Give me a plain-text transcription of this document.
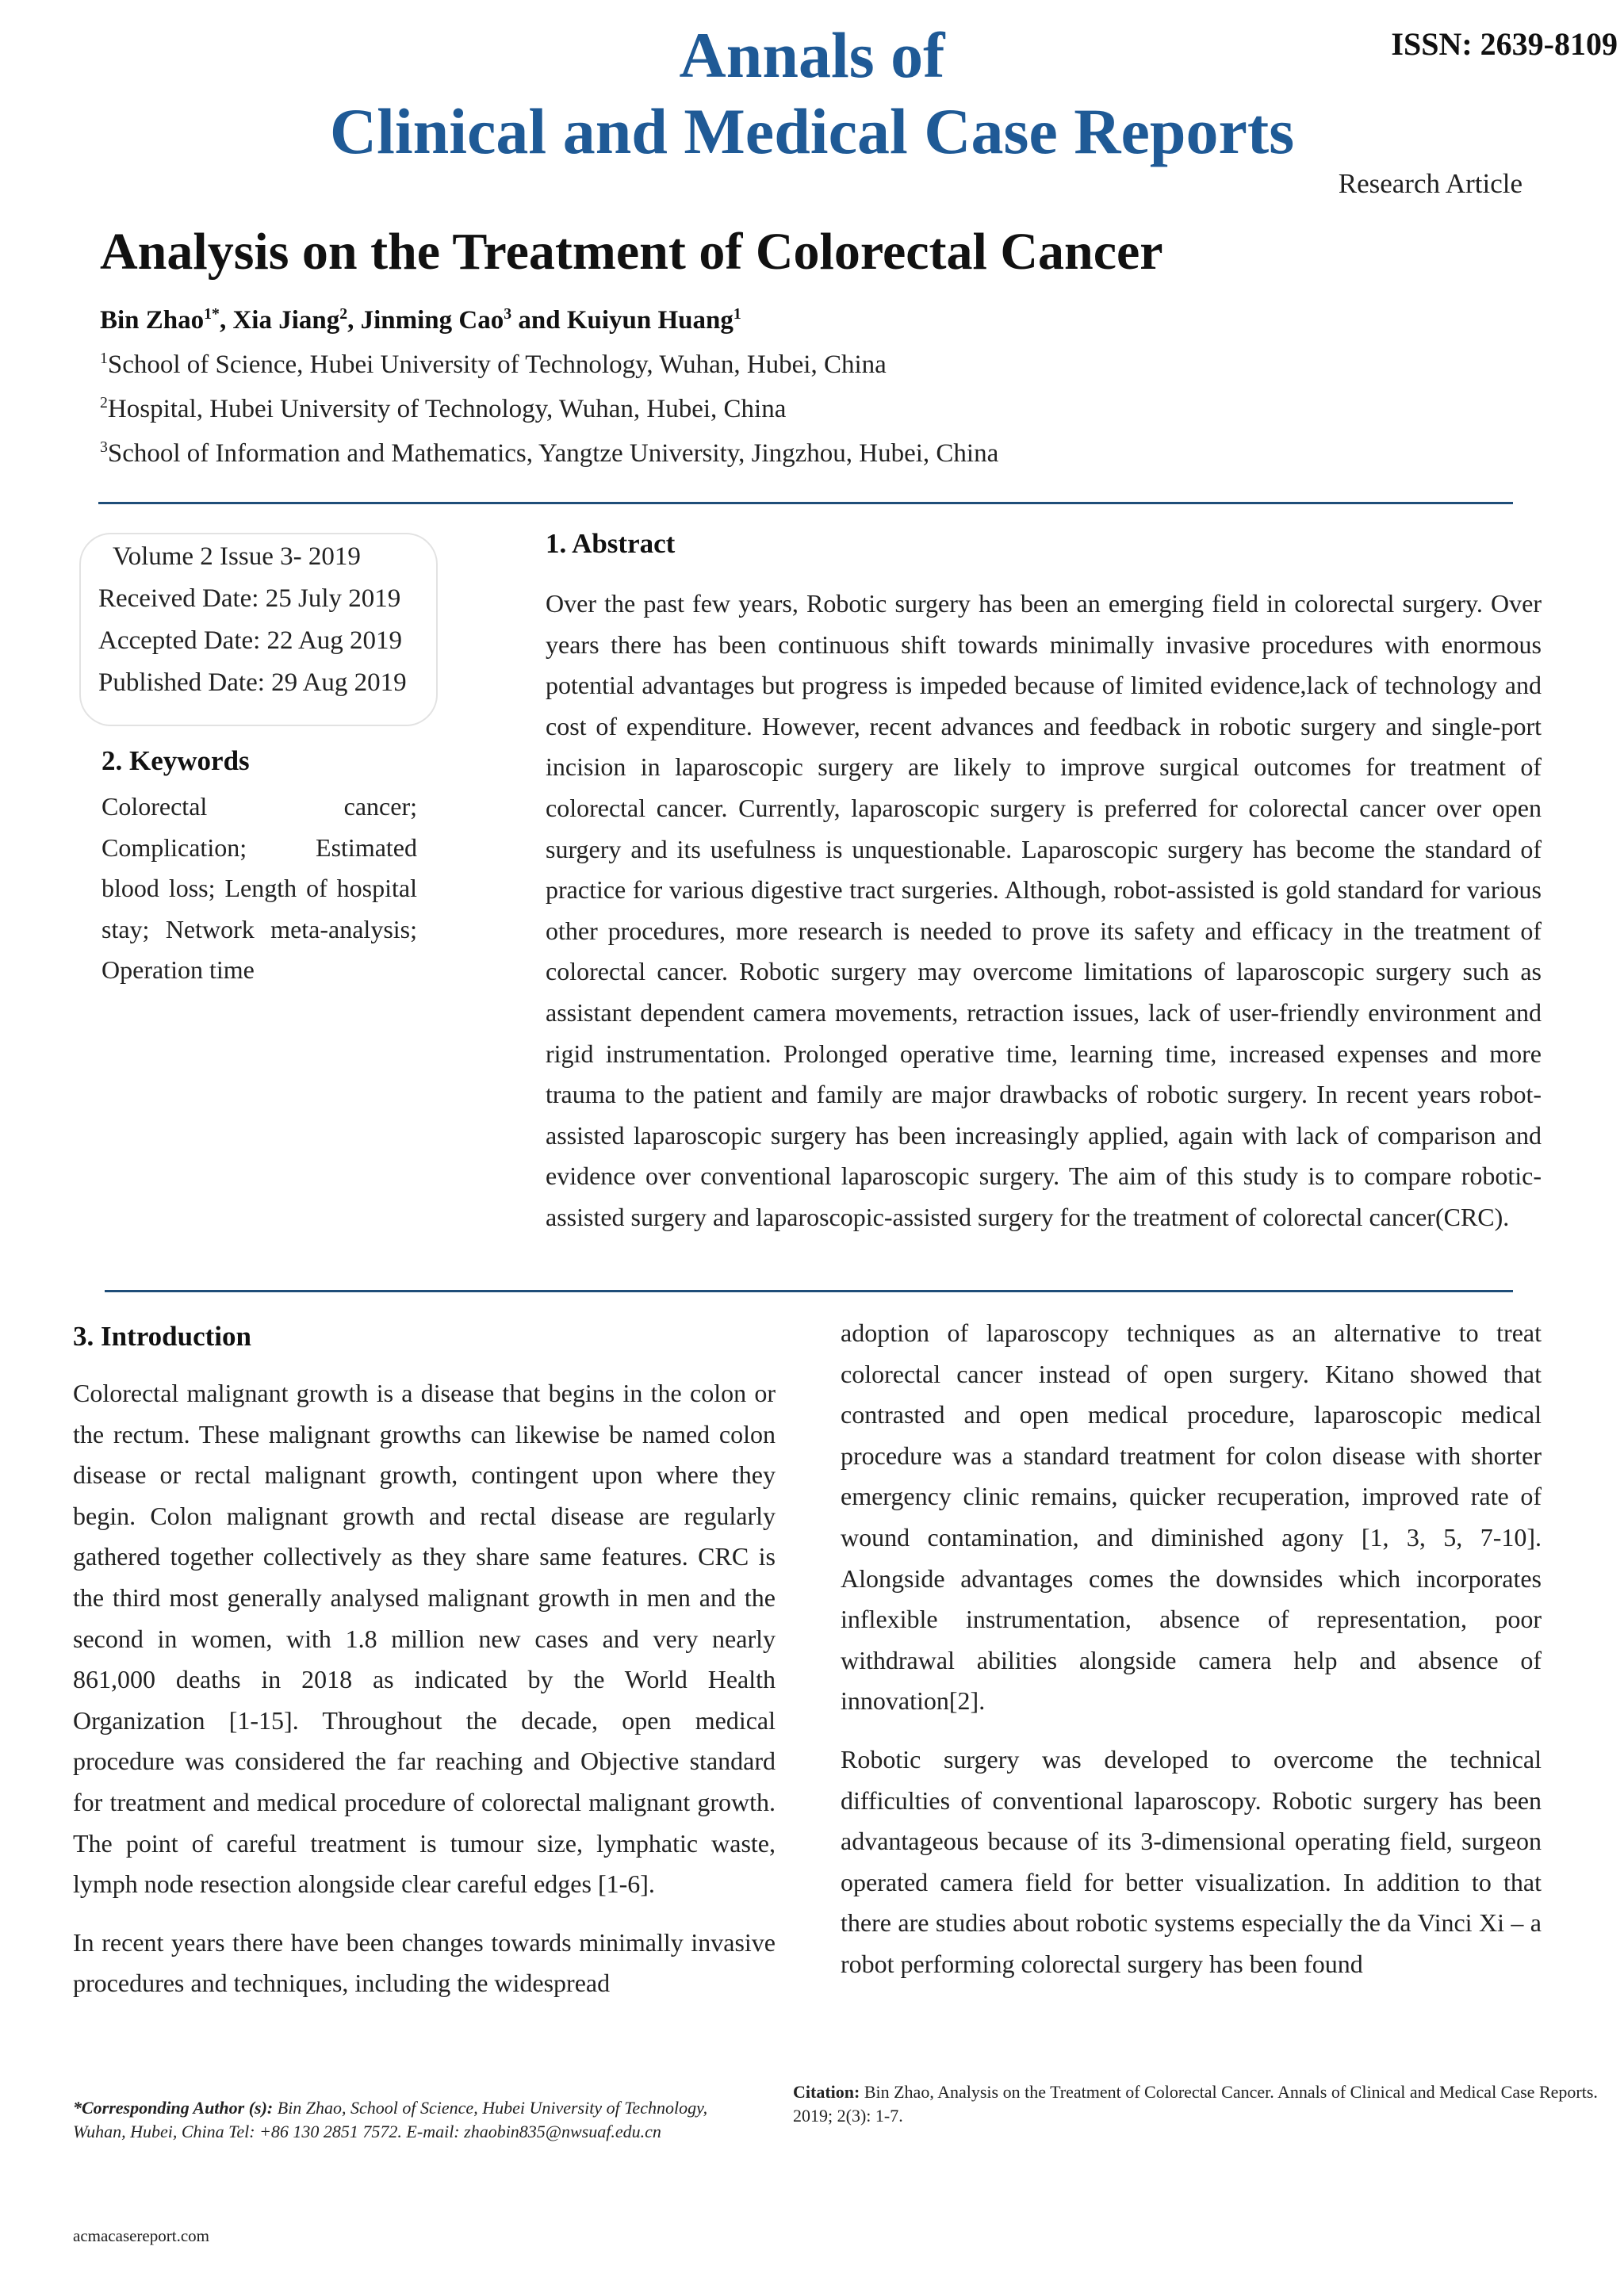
Annals of
Clinical and Medical Case Reports
ISSN: 2639-8109
Research Article
Analysis on the Treatment of Colorectal Cancer
Bin Zhao$^{1*}$, Xia Jiang$^2$, Jinming Cao$^3$ and Kuiyun Huang$^1$
$^1$School of Science, Hubei University of Technology, Wuhan, Hubei, China
$^2$Hospital, Hubei University of Technology, Wuhan, Hubei, China
$^3$School of Information and Mathematics, Yangtze University, Jingzhou, Hubei, China
Volume 2 Issue 3- 2019
Received Date: 25 July 2019
Accepted Date: 22 Aug 2019
Published Date: 29 Aug 2019
2. Keywords
Colorectal cancer; Complication; Estimated blood loss; Length of hospital stay; Network meta-analysis; Operation time
1. Abstract
Over the past few years, Robotic surgery has been an emerging field in colorectal surgery. Over years there has been continuous shift towards minimally invasive procedures with enormous potential advantages but progress is impeded because of limited evidence,lack of technology and cost of expenditure. However, recent advances and feedback in robotic surgery and single-port incision in laparoscopic surgery are likely to improve surgical outcomes for treatment of colorectal cancer. Currently, laparoscopic surgery is preferred for colorectal cancer over open surgery and its usefulness is unquestionable. Laparoscopic surgery has become the standard of practice for various digestive tract surgeries. Although, robot-assisted is gold standard for various other procedures, more research is needed to prove its safety and efficacy in the treatment of colorectal cancer. Robotic surgery may overcome limitations of laparoscopic surgery such as assistant dependent camera movements, retraction issues, lack of user-friendly environment and rigid instrumentation. Prolonged operative time, learning time, increased expenses and more trauma to the patient and family are major drawbacks of robotic surgery. In recent years robot-assisted laparoscopic surgery has been increasingly applied, again with lack of comparison and evidence over conventional laparoscopic surgery. The aim of this study is to compare robotic-assisted surgery and laparoscopic-assisted surgery for the treatment of colorectal cancer(CRC).
3. Introduction

Colorectal malignant growth is a disease that begins in the colon or the rectum. These malignant growths can likewise be named colon disease or rectal malignant growth, contingent upon where they begin. Colon malignant growth and rectal disease are regularly gathered together collectively as they share same features. CRC is the third most generally analysed malignant growth in men and the second in women, with 1.8 million new cases and very nearly 861,000 deaths in 2018 as indicated by the World Health Organization [1-15]. Throughout the decade, open medical procedure was considered the far reaching and Objective standard for treatment and medical procedure of colorectal malignant growth. The point of careful treatment is tumour size, lymphatic waste, lymph node resection alongside clear careful edges [1-6].

In recent years there have been changes towards minimally invasive procedures and techniques, including the widespread

adoption of laparoscopy techniques as an alternative to treat colorectal cancer instead of open surgery. Kitano showed that contrasted and open medical procedure, laparoscopic medical procedure was a standard treatment for colon disease with shorter emergency clinic remains, quicker recuperation, improved rate of wound contamination, and diminished agony [1, 3, 5, 7-10]. Alongside advantages comes the downsides which incorporates inflexible instrumentation, absence of representation, poor withdrawal abilities alongside camera help and absence of innovation[2].

Robotic surgery was developed to overcome the technical difficulties of conventional laparoscopy. Robotic surgery has been advantageous because of its 3-dimensional operating field, surgeon operated camera field for better visualization. In addition to that there are studies about robotic systems especially the da Vinci Xi – a robot performing colorectal surgery has been found

*Corresponding Author (s): Bin Zhao, School of Science, Hubei University of Technology, Wuhan, Hubei, China Tel: +86 130 2851 7572. E-mail: zhaobin835@nwsuaf.edu.cn
Citation: Bin Zhao, Analysis on the Treatment of Colorectal Cancer. Annals of Clinical and Medical Case Reports. 2019; 2(3): 1-7.
acmacasereport.com
